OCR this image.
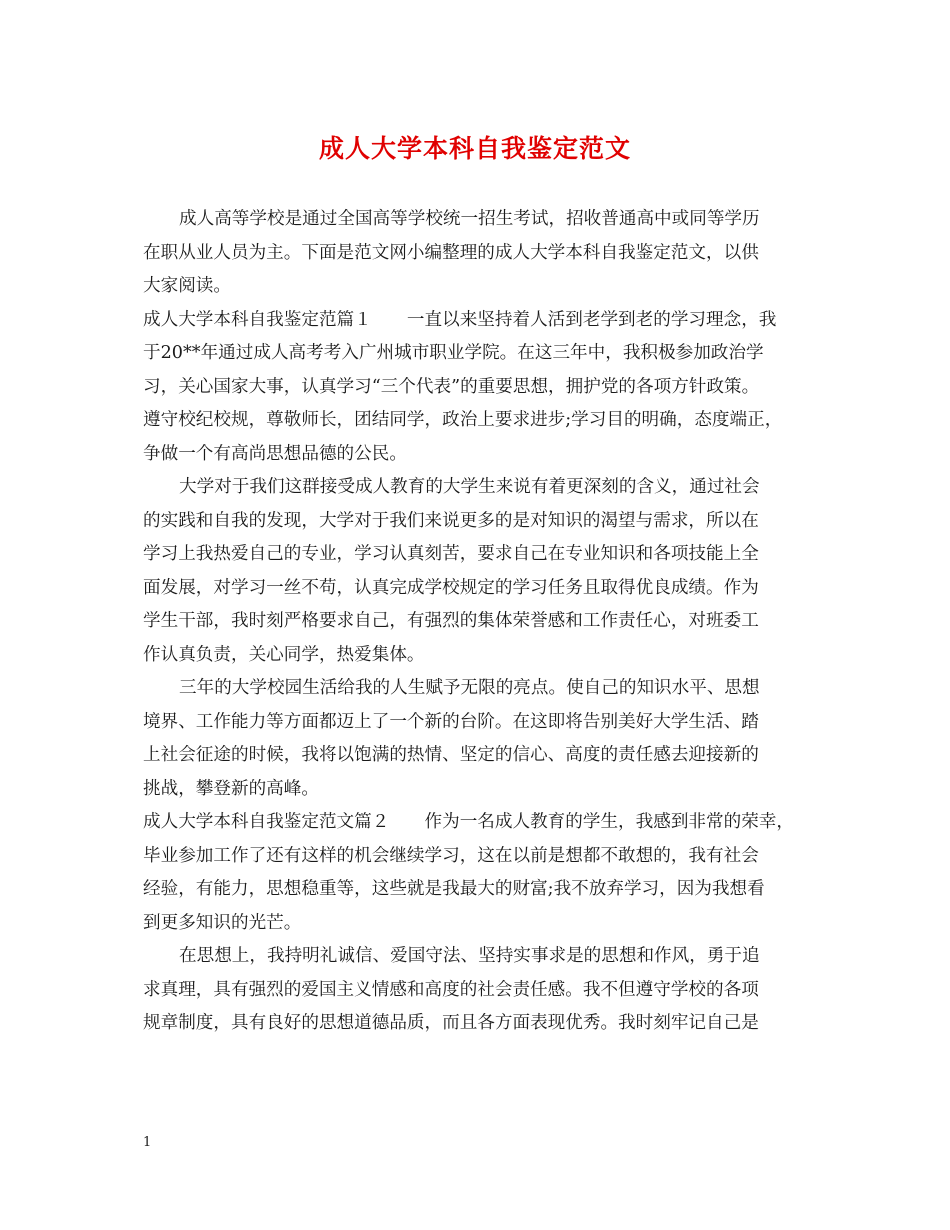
成人大学本科自我鉴定范文
成人高等学校是通过全国高等学校统一招生考试，招收普通高中或同等学历
在职从业人员为主。下面是范文网小编整理的成人大学本科自我鉴定范文，以供
大家阅读。
成人大学本科自我鉴定范篇１　　一直以来坚持着人活到老学到老的学习理念，我
于20**年通过成人高考考入广州城市职业学院。在这三年中，我积极参加政治学
习，关心国家大事，认真学习“三个代表”的重要思想，拥护党的各项方针政策。
遵守校纪校规，尊敬师长，团结同学，政治上要求进步;学习目的明确，态度端正，
争做一个有高尚思想品德的公民。
大学对于我们这群接受成人教育的大学生来说有着更深刻的含义，通过社会
的实践和自我的发现，大学对于我们来说更多的是对知识的渴望与需求，所以在
学习上我热爱自己的专业，学习认真刻苦，要求自己在专业知识和各项技能上全
面发展，对学习一丝不苟，认真完成学校规定的学习任务且取得优良成绩。作为
学生干部，我时刻严格要求自己，有强烈的集体荣誉感和工作责任心，对班委工
作认真负责，关心同学，热爱集体。
三年的大学校园生活给我的人生赋予无限的亮点。使自己的知识水平、思想
境界、工作能力等方面都迈上了一个新的台阶。在这即将告别美好大学生活、踏
上社会征途的时候，我将以饱满的热情、坚定的信心、高度的责任感去迎接新的
挑战，攀登新的高峰。
成人大学本科自我鉴定范文篇２　　作为一名成人教育的学生，我感到非常的荣幸，
毕业参加工作了还有这样的机会继续学习，这在以前是想都不敢想的，我有社会
经验，有能力，思想稳重等，这些就是我最大的财富;我不放弃学习，因为我想看
到更多知识的光芒。
在思想上，我持明礼诚信、爱国守法、坚持实事求是的思想和作风，勇于追
求真理，具有强烈的爱国主义情感和高度的社会责任感。我不但遵守学校的各项
规章制度，具有良好的思想道德品质，而且各方面表现优秀。我时刻牢记自己是
1
